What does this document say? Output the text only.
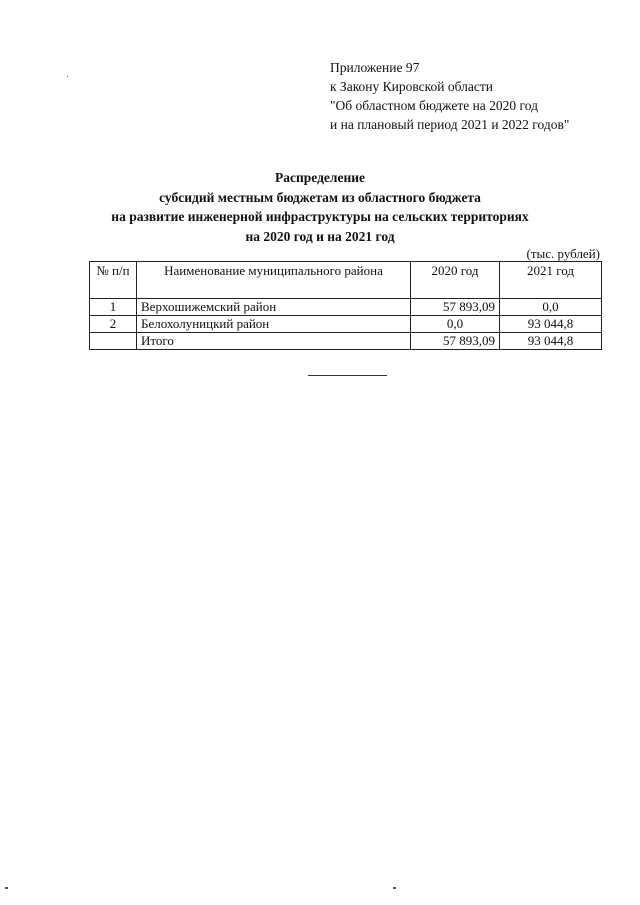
Приложение 97
к Закону Кировской области
"Об областном бюджете на 2020 год
и на плановый период 2021 и 2022 годов"
Распределение
субсидий местным бюджетам из областного бюджета
на развитие инженерной инфраструктуры на сельских территориях
на 2020 год и на 2021 год
(тыс. рублей)
№ п/п	Наименование муниципального района	2020 год	2021 год
1	Верхошижемский район	57 893,09	0,0
2	Белохолуницкий район	0,0	93 044,8
	Итого	57 893,09	93 044,8
